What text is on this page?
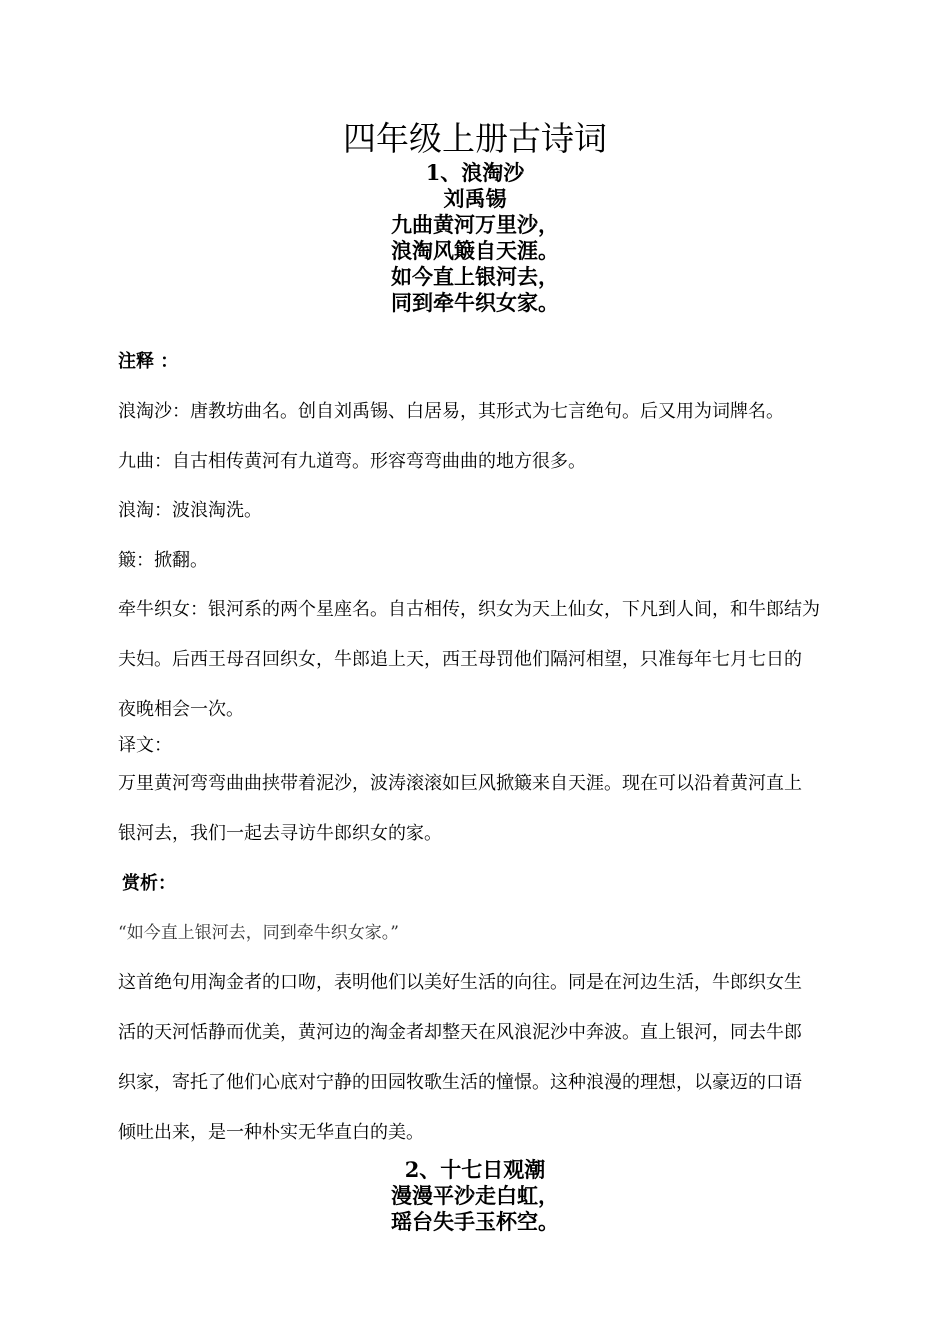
四年级上册古诗词
1、浪淘沙
刘禹锡
九曲黄河万里沙，
浪淘风簸自天涯。
如今直上银河去，
同到牵牛织女家。
注释 ：
浪淘沙：唐教坊曲名。创自刘禹锡、白居易，其形式为七言绝句。后又用为词牌名。
九曲：自古相传黄河有九道弯。形容弯弯曲曲的地方很多。
浪淘：波浪淘洗。
簸：掀翻。
牵牛织女：银河系的两个星座名。自古相传，织女为天上仙女，下凡到人间，和牛郎结为
夫妇。后西王母召回织女，牛郎追上天，西王母罚他们隔河相望，只准每年七月七日的
夜晚相会一次。
译文：
万里黄河弯弯曲曲挟带着泥沙，波涛滚滚如巨风掀簸来自天涯。现在可以沿着黄河直上
银河去，我们一起去寻访牛郎织女的家。
赏析：
“如今直上银河去，同到牵牛织女家。”
这首绝句用淘金者的口吻，表明他们以美好生活的向往。同是在河边生活，牛郎织女生
活的天河恬静而优美，黄河边的淘金者却整天在风浪泥沙中奔波。直上银河，同去牛郎
织家，寄托了他们心底对宁静的田园牧歌生活的憧憬。这种浪漫的理想，以豪迈的口语
倾吐出来，是一种朴实无华直白的美。
2、十七日观潮
漫漫平沙走白虹，
瑶台失手玉杯空。
